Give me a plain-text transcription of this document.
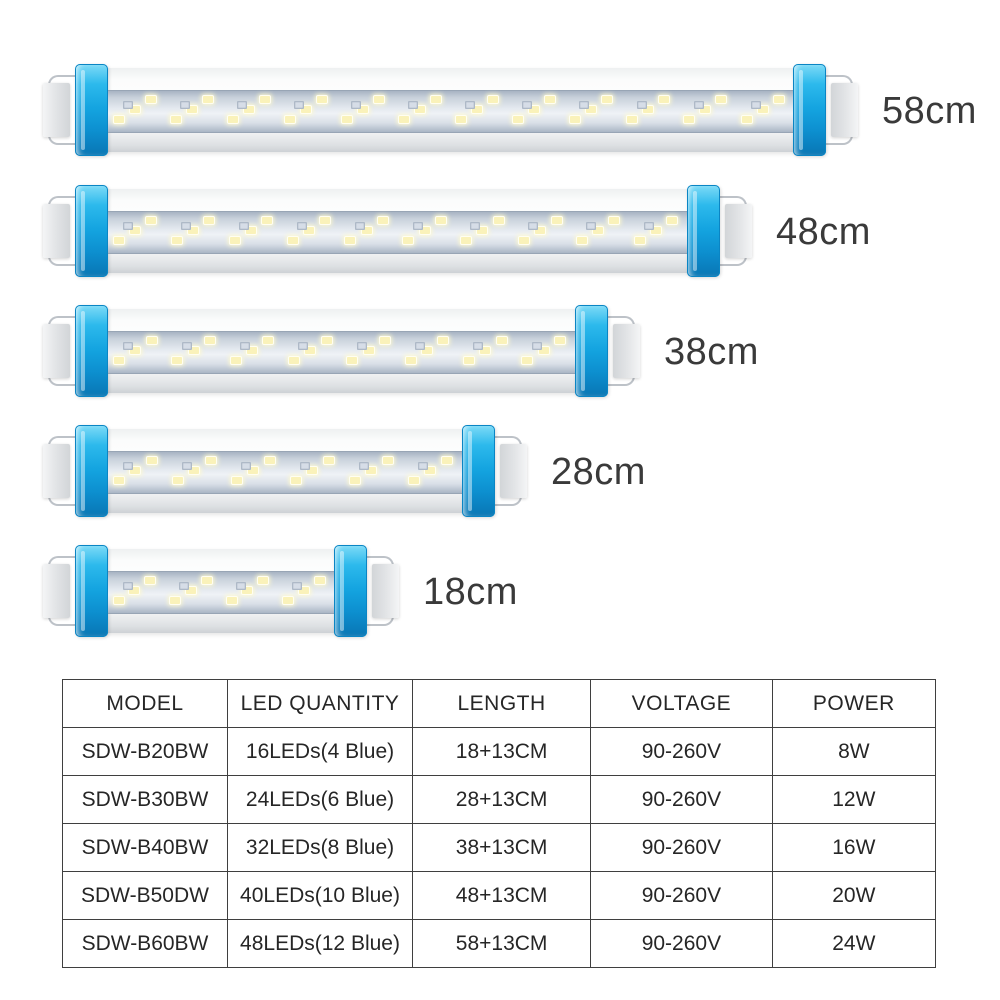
58cm
48cm
38cm
28cm
18cm
MODEL	LED QUANTITY	LENGTH	VOLTAGE	POWER
SDW-B20BW	16LEDs(4 Blue)	18+13CM	90-260V	8W
SDW-B30BW	24LEDs(6 Blue)	28+13CM	90-260V	12W
SDW-B40BW	32LEDs(8 Blue)	38+13CM	90-260V	16W
SDW-B50DW	40LEDs(10 Blue)	48+13CM	90-260V	20W
SDW-B60BW	48LEDs(12 Blue)	58+13CM	90-260V	24W
